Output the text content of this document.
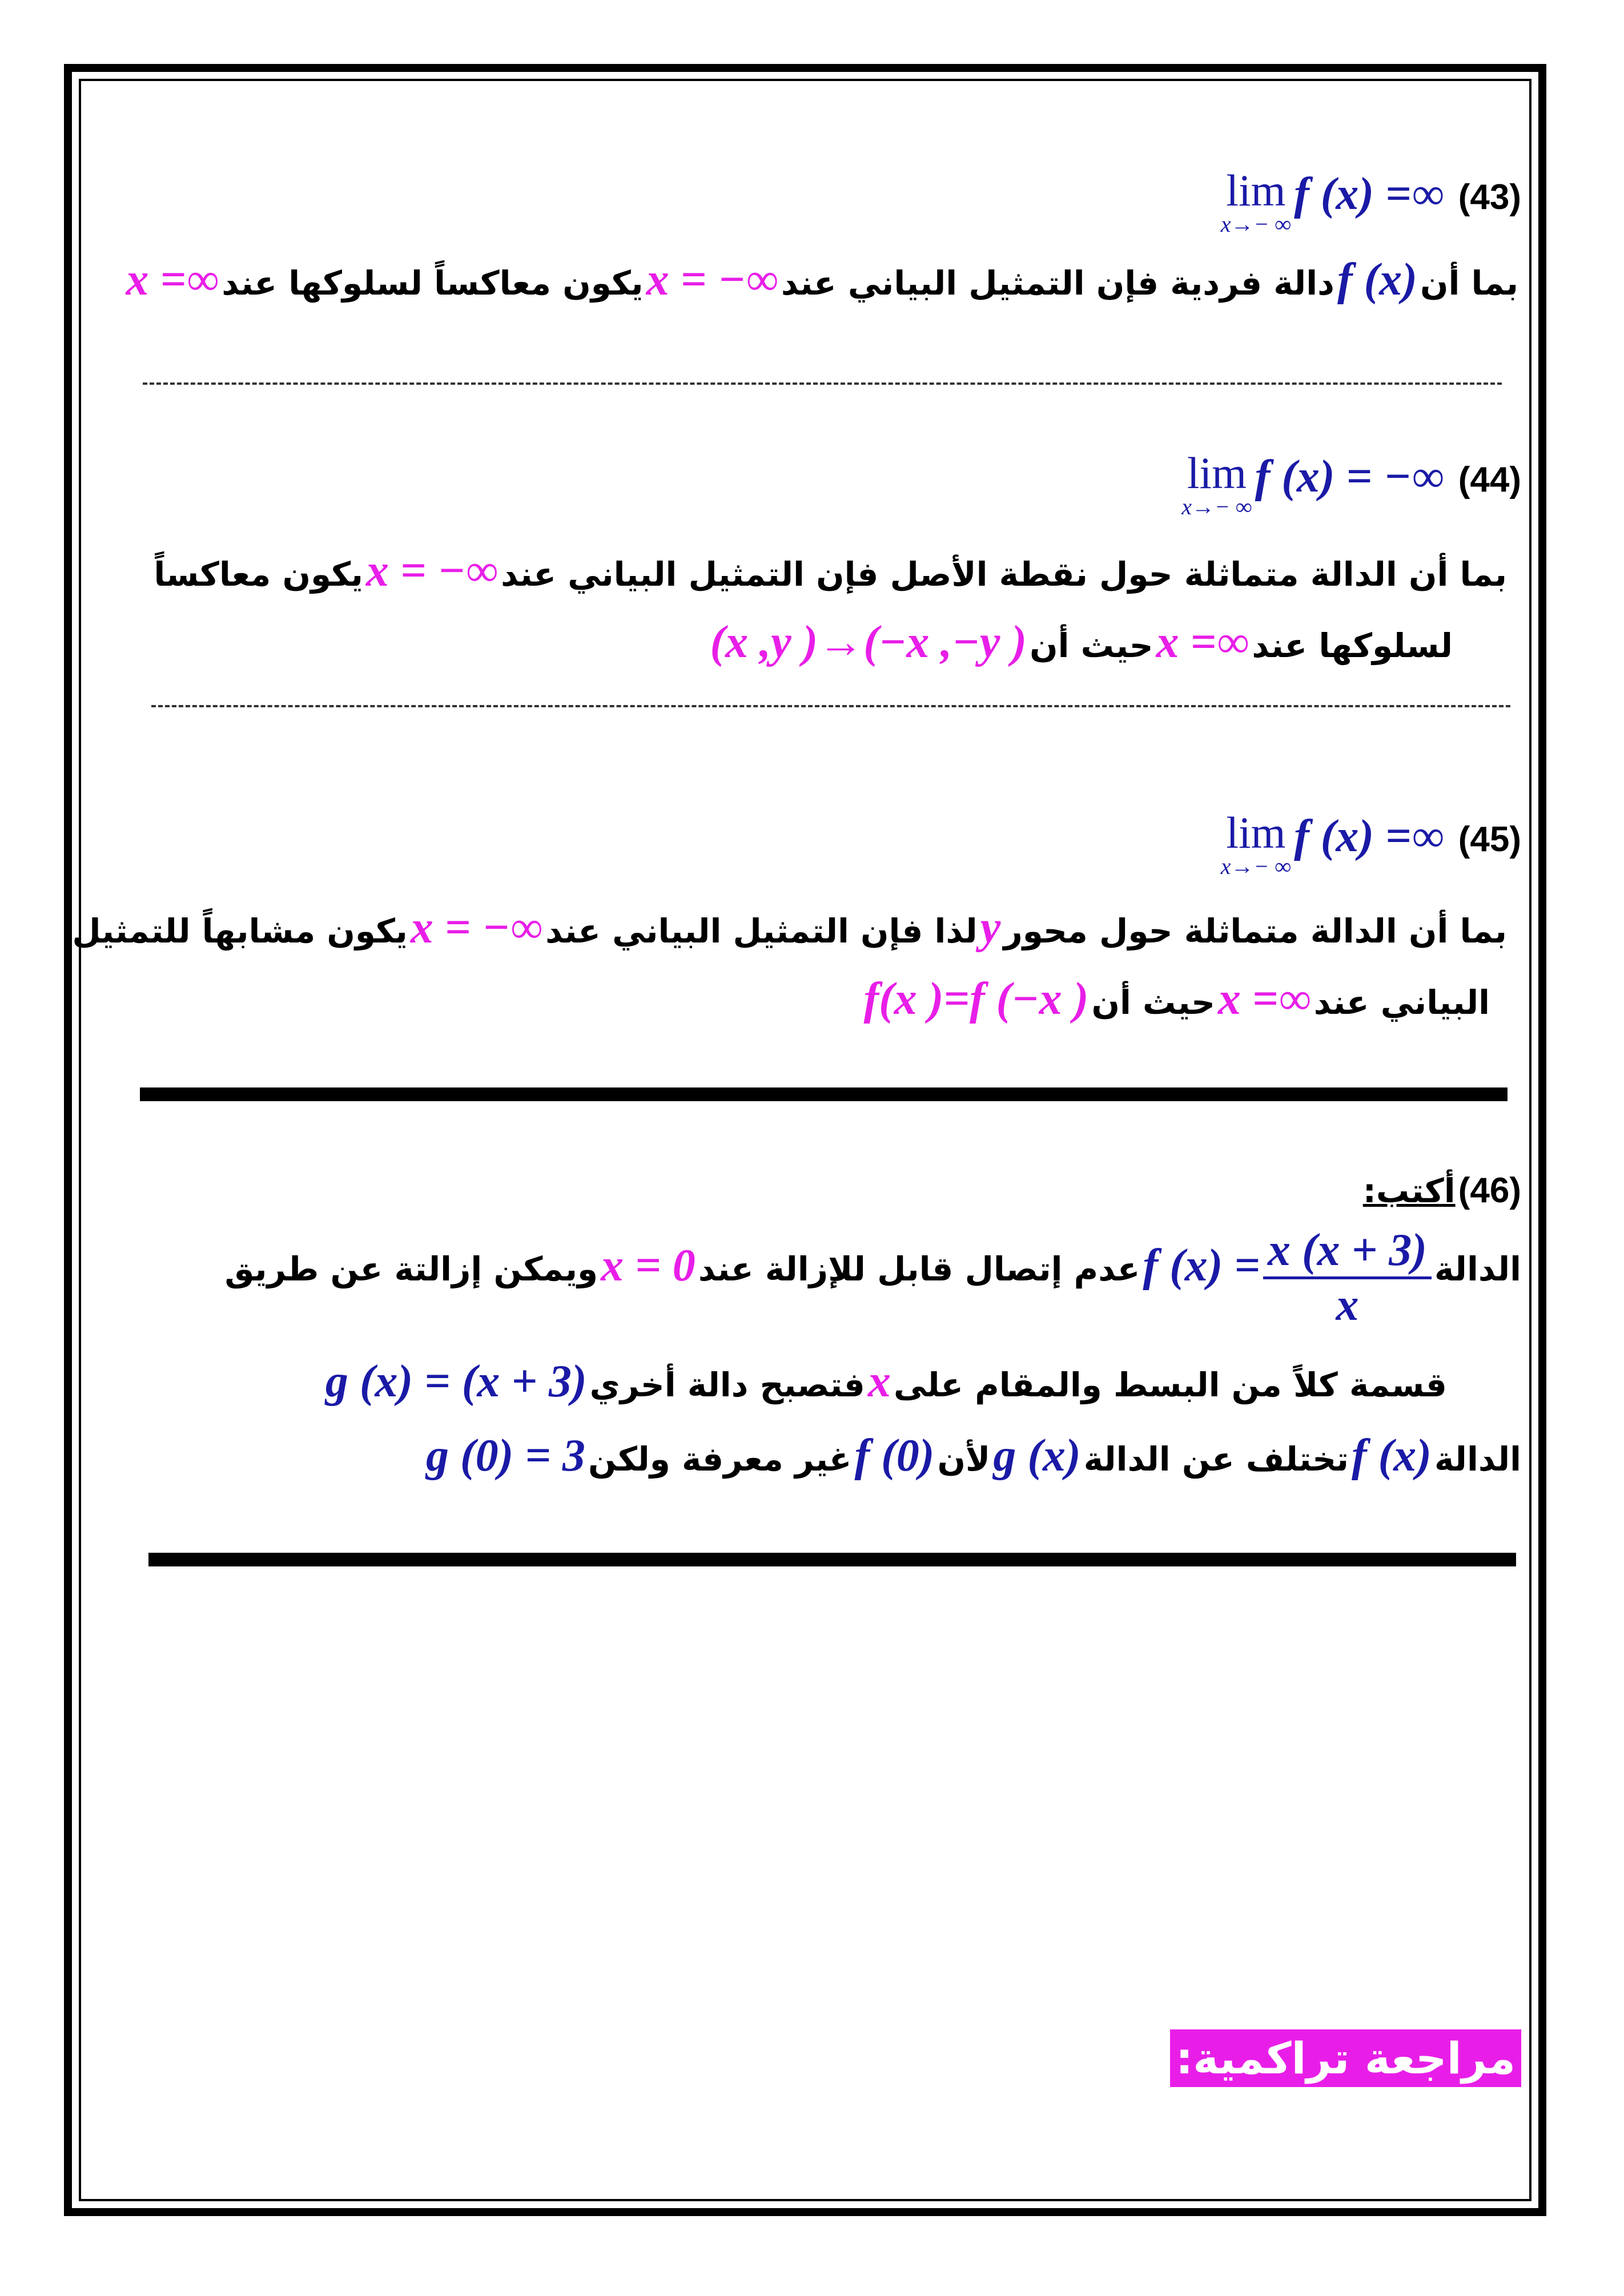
lim
x→− ∞ f (x) =∞ (43)
بما أن f (x) دالة فردية فإن التمثيل البياني عند x = −∞ يكون معاكساً لسلوكها عند x =∞
lim
x→− ∞ f (x) = −∞ (44)
بما أن الدالة متماثلة حول نقطة الأصل فإن التمثيل البياني عند x = −∞ يكون معاكساً
لسلوكها عند x =∞ حيث أن (x ,y )→(−x ,−y )
lim
x→− ∞ f (x) =∞ (45)
بما أن الدالة متماثلة حول محور y لذا فإن التمثيل البياني عند x = −∞ يكون مشابهاً للتمثيل
البياني عند x =∞ حيث أن f(x )=f (−x )
(46) أكتب:
الدالة f $(x) = \frac{x (x + 3)}{x}$
عدم إتصال قابل للإزالة عند x = 0 ويمكن إزالتة عن طريق
قسمة كلاً من البسط والمقام على x فتصبح دالة أخري g (x) = (x + 3)
الدالة f (x) تختلف عن الدالة g (x) لأن f (0) غير معرفة ولكن g (0) = 3
مراجعة تراكمية:
